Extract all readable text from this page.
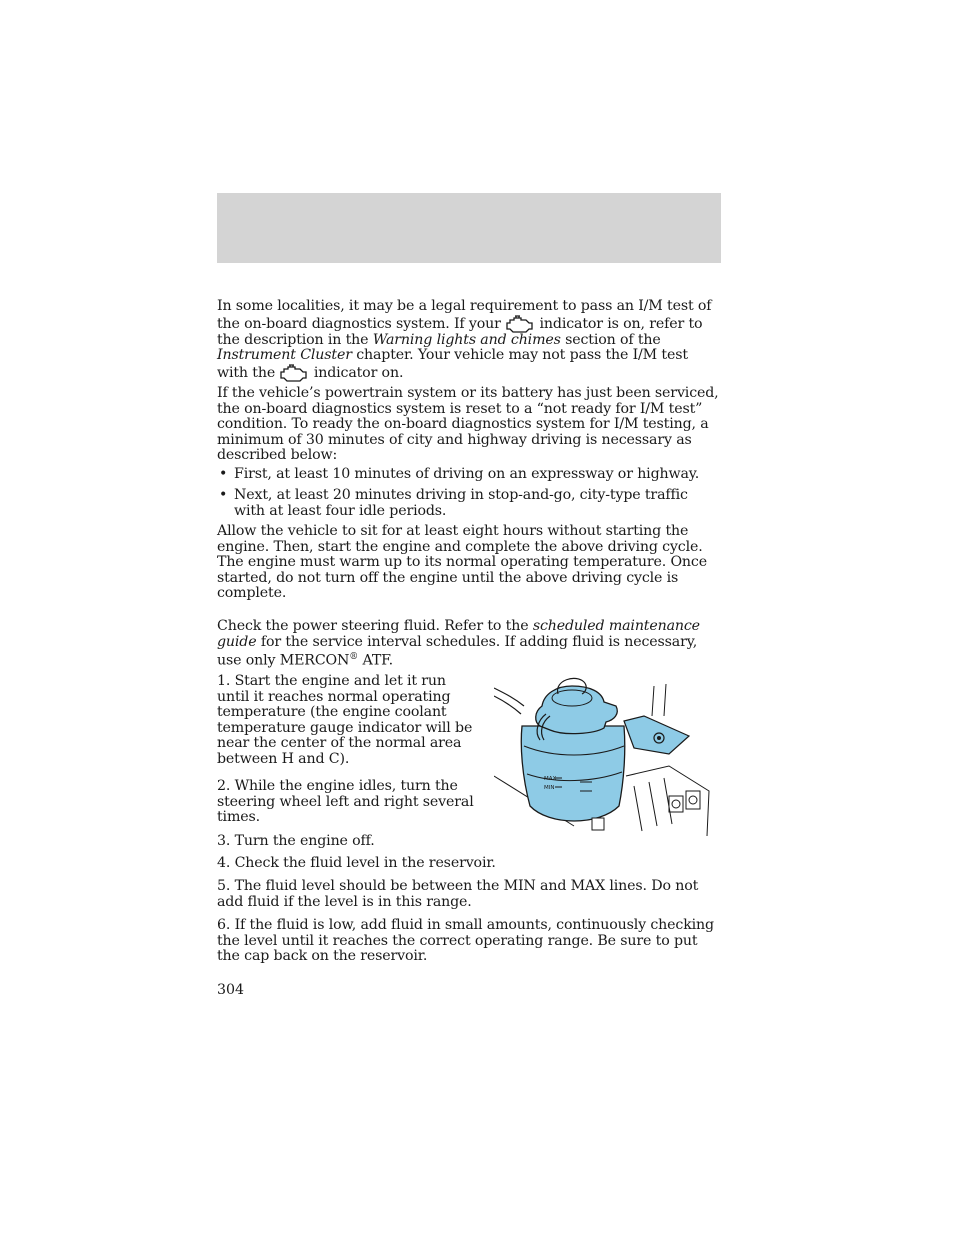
In some localities, it may be a legal requirement to pass an I/M test of the on-board diagnostics system. If your	indicator is on, refer to the description in the Warning lights and chimes section of the Instrument Cluster chapter. Your vehicle may not pass the I/M test with the	indicator on.

If the vehicle’s powertrain system or its battery has just been serviced, the on-board diagnostics system is reset to a “not ready for I/M test” condition. To ready the on-board diagnostics system for I/M testing, a minimum of 30 minutes of city and highway driving is necessary as described below:

• First, at least 10 minutes of driving on an expressway or highway.

• Next, at least 20 minutes driving in stop-and-go, city-type traffic with at least four idle periods.

Allow the vehicle to sit for at least eight hours without starting the engine. Then, start the engine and complete the above driving cycle. The engine must warm up to its normal operating temperature. Once started, do not turn off the engine until the above driving cycle is complete.

Check the power steering fluid. Refer to the scheduled maintenance guide for the service interval schedules. If adding fluid is necessary, use only MERCON® ATF.

1. Start the engine and let it run until it reaches normal operating temperature (the engine coolant temperature gauge indicator will be near the center of the normal area between H and C).

2. While the engine idles, turn the steering wheel left and right several times.

3. Turn the engine off.

4. Check the fluid level in the reservoir.

5. The fluid level should be between the MIN and MAX lines. Do not add fluid if the level is in this range.

6. If the fluid is low, add fluid in small amounts, continuously checking the level until it reaches the correct operating range. Be sure to put the cap back on the reservoir.

MAX
MIN

304
